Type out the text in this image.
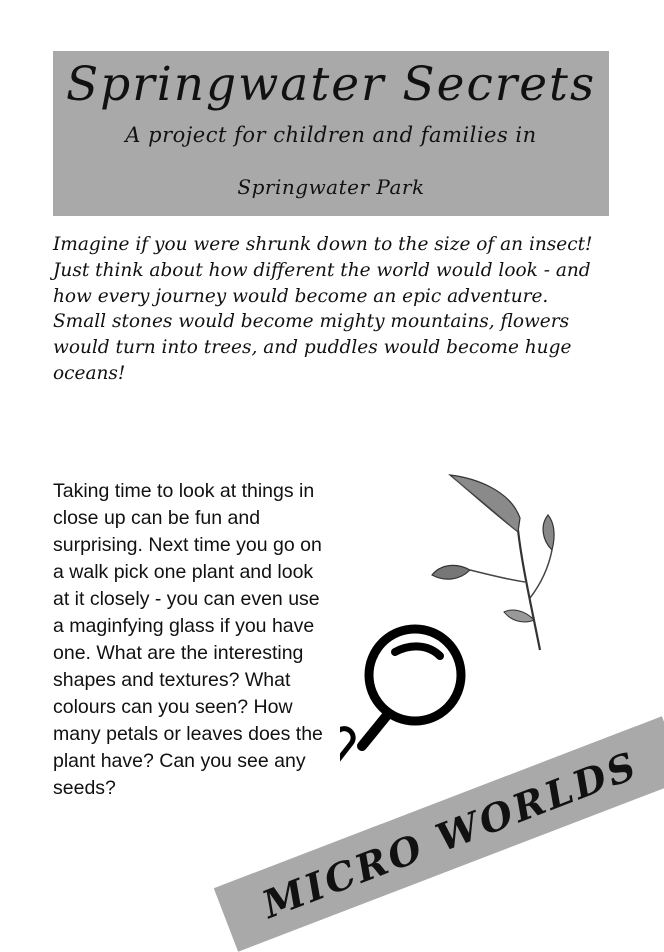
Springwater Secrets
A project for children and families in
Springwater Park
Imagine if you were shrunk down to the size of an insect! Just think about how different the world would look - and how every journey would become an epic adventure. Small stones would become mighty mountains, flowers would turn into trees, and puddles would become huge oceans!
Taking time to look at things in close up can be fun and surprising. Next time you go on a walk pick one plant and look at it closely - you can even use a maginfying glass if you have one. What are the interesting shapes and textures? What colours can you seen? How many petals or leaves does the plant have? Can you see any seeds?	MICRO WORLDS
